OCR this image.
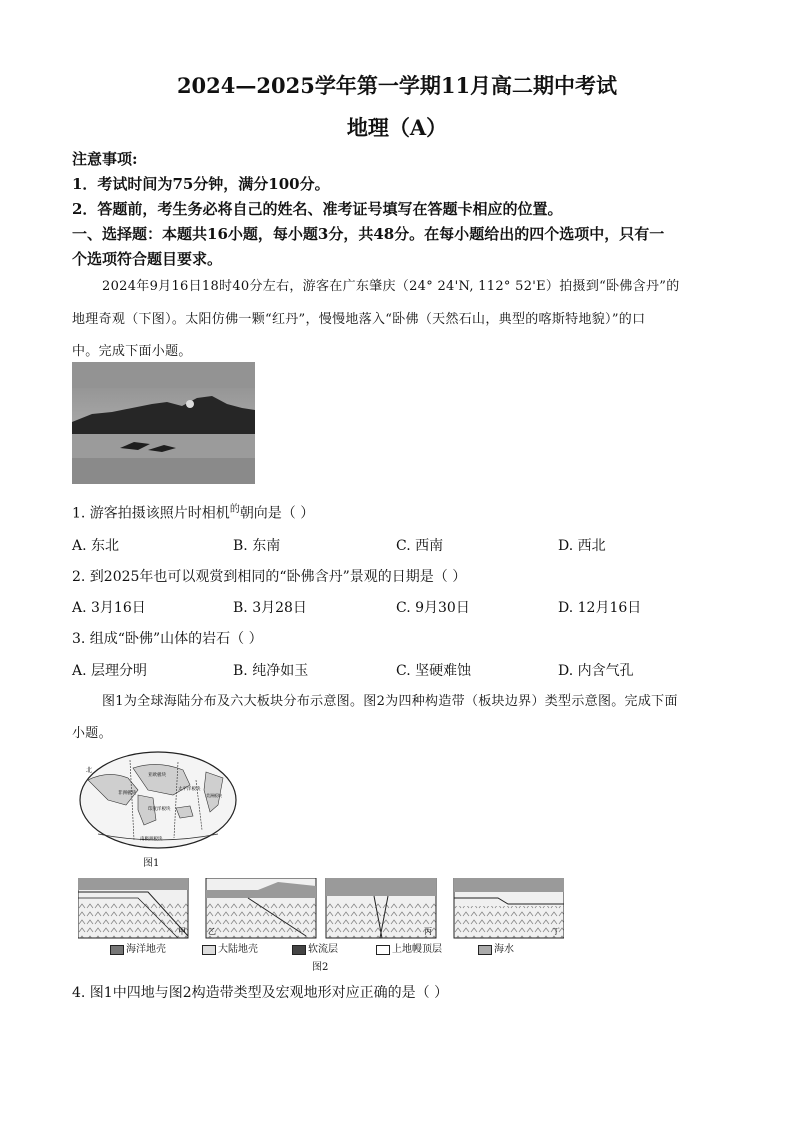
2024—2025学年第一学期11月高二期中考试
地理（A）
注意事项:
1．考试时间为75分钟，满分100分。
2．答题前，考生务必将自己的姓名、准考证号填写在答题卡相应的位置。
一、选择题：本题共16小题，每小题3分，共48分。在每小题给出的四个选项中，只有一
个选项符合题目要求。
2024年9月16日18时40分左右，游客在广东肇庆（24° 24'N, 112° 52'E）拍摄到“卧佛含丹”的
地理奇观（下图）。太阳仿佛一颗“红丹”，慢慢地落入“卧佛（天然石山，典型的喀斯特地貌）”的口
中。完成下面小题。
1. 游客拍摄该照片时相机$^的$朝向是（ ）
A. 东北	B. 东南	C. 西南	D. 西北
2. 到2025年也可以观赏到相同的“卧佛含丹”景观的日期是（ ）
A. 3月16日	B. 3月28日	C. 9月30日	D. 12月16日
3. 组成“卧佛”山体的岩石（ ）
A. 层理分明	B. 纯净如玉	C. 坚硬难蚀	D. 内含气孔
图1为全球海陆分布及六大板块分布示意图。图2为四种构造带（板块边界）类型示意图。完成下面
小题。
北
太平洋板块
印度洋板块
美洲板块
南极洲板块
亚欧板块
非洲板块
图1
甲	乙	丙	丁
海洋地壳	大陆地壳	软流层	上地幔顶层	海水
图2
4. 图1中四地与图2构造带类型及宏观地形对应正确的是（ ）
